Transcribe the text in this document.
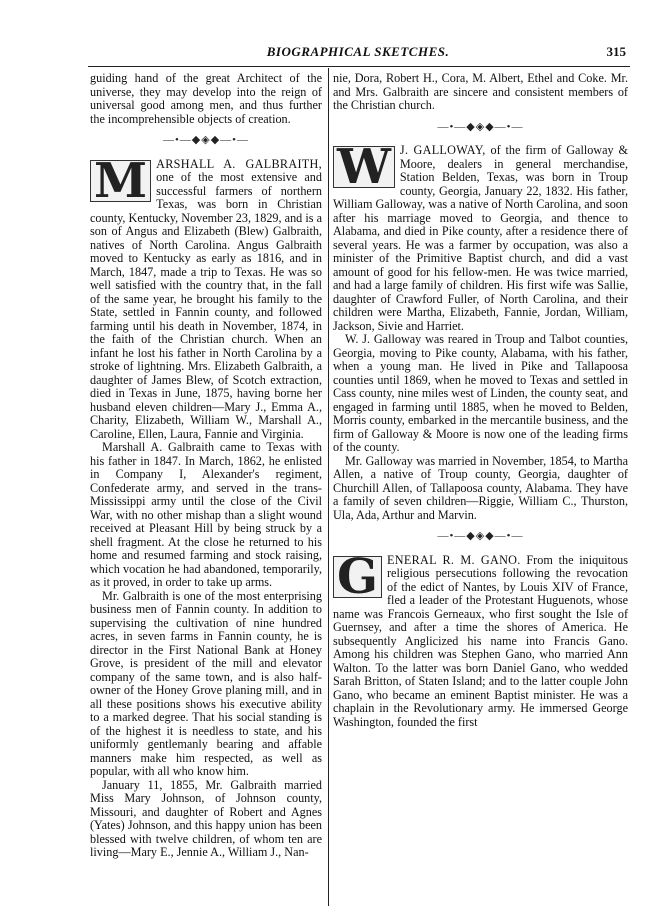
BIOGRAPHICAL SKETCHES.	315

guiding hand of the great Architect of the universe, they may develop into the reign of universal good among men, and thus further the incomprehensible objects of creation.

—•—◆◈◆—•—

M ARSHALL A. GALBRAITH, one of the most extensive and successful farmers of northern Texas, was born in Christian county, Kentucky, November 23, 1829, and is a son of Angus and Elizabeth (Blew) Galbraith, natives of North Carolina. Angus Galbraith moved to Kentucky as early as 1816, and in March, 1847, made a trip to Texas. He was so well satisfied with the country that, in the fall of the same year, he brought his family to the State, settled in Fannin county, and followed farming until his death in November, 1874, in the faith of the Christian church. When an infant he lost his father in North Carolina by a stroke of lightning. Mrs. Elizabeth Galbraith, a daughter of James Blew, of Scotch extraction, died in Texas in June, 1875, having borne her husband eleven children—Mary J., Emma A., Charity, Elizabeth, William W., Marshall A., Caroline, Ellen, Laura, Fannie and Virginia.

Marshall A. Galbraith came to Texas with his father in 1847. In March, 1862, he enlisted in Company I, Alexander's regiment, Confederate army, and served in the trans-Mississippi army until the close of the Civil War, with no other mishap than a slight wound received at Pleasant Hill by being struck by a shell fragment. At the close he returned to his home and resumed farming and stock raising, which vocation he had abandoned, temporarily, as it proved, in order to take up arms.

Mr. Galbraith is one of the most enterprising business men of Fannin county. In addition to supervising the cultivation of nine hundred acres, in seven farms in Fannin county, he is director in the First National Bank at Honey Grove, is president of the mill and elevator company of the same town, and is also half-owner of the Honey Grove planing mill, and in all these positions shows his executive ability to a marked degree. That his social standing is of the highest it is needless to state, and his uniformly gentlemanly bearing and affable manners make him respected, as well as popular, with all who know him.

January 11, 1855, Mr. Galbraith married Miss Mary Johnson, of Johnson county, Missouri, and daughter of Robert and Agnes (Yates) Johnson, and this happy union has been blessed with twelve children, of whom ten are living—Mary E., Jennie A., William J., Nan-

nie, Dora, Robert H., Cora, M. Albert, Ethel and Coke. Mr. and Mrs. Galbraith are sincere and consistent members of the Christian church.

—•—◆◈◆—•—

W J. GALLOWAY, of the firm of Galloway & Moore, dealers in general merchandise, Station Belden, Texas, was born in Troup county, Georgia, January 22, 1832. His father, William Galloway, was a native of North Carolina, and soon after his marriage moved to Georgia, and thence to Alabama, and died in Pike county, after a residence there of several years. He was a farmer by occupation, was also a minister of the Primitive Baptist church, and did a vast amount of good for his fellow-men. He was twice married, and had a large family of children. His first wife was Sallie, daughter of Crawford Fuller, of North Carolina, and their children were Martha, Elizabeth, Fannie, Jordan, William, Jackson, Sivie and Harriet.

W. J. Galloway was reared in Troup and Talbot counties, Georgia, moving to Pike county, Alabama, with his father, when a young man. He lived in Pike and Tallapoosa counties until 1869, when he moved to Texas and settled in Cass county, nine miles west of Linden, the county seat, and engaged in farming until 1885, when he moved to Belden, Morris county, embarked in the mercantile business, and the firm of Galloway & Moore is now one of the leading firms of the county.

Mr. Galloway was married in November, 1854, to Martha Allen, a native of Troup county, Georgia, daughter of Churchill Allen, of Tallapoosa county, Alabama. They have a family of seven children—Riggie, William C., Thurston, Ula, Ada, Arthur and Marvin.

—•—◆◈◆—•—

G ENERAL R. M. GANO. From the iniquitous religious persecutions following the revocation of the edict of Nantes, by Louis XIV of France, fled a leader of the Protestant Huguenots, whose name was Francois Gerneaux, who first sought the Isle of Guernsey, and after a time the shores of America. He subsequently Anglicized his name into Francis Gano. Among his children was Stephen Gano, who married Ann Walton. To the latter was born Daniel Gano, who wedded Sarah Britton, of Staten Island; and to the latter couple John Gano, who became an eminent Baptist minister. He was a chaplain in the Revolutionary army. He immersed George Washington, founded the first
